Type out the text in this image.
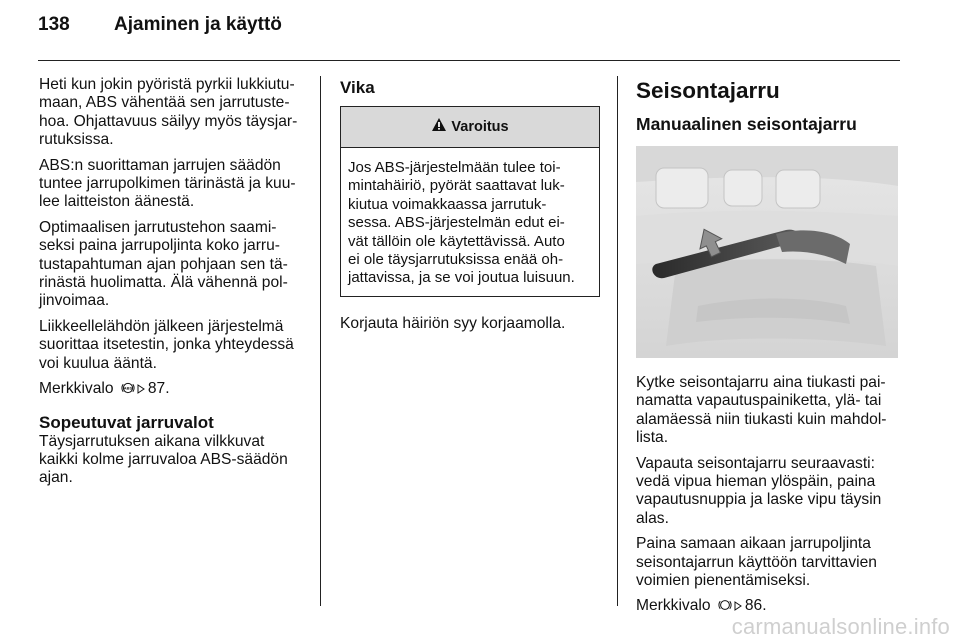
138	Ajaminen ja käyttö

Heti kun jokin pyöristä pyrkii lukkiutu-
maan, ABS vähentää sen jarrutuste-
hoa. Ohjattavuus säilyy myös täysjar-
rutuksissa.

ABS:n suorittaman jarrujen säädön
tuntee jarrupolkimen tärinästä ja kuu-
lee laitteiston äänestä.

Optimaalisen jarrutustehon saami-
seksi paina jarrupoljinta koko jarru-
tustapahtuman ajan pohjaan sen tä-
rinästä huolimatta. Älä vähennä pol-
jinvoimaa.

Liikkeellelähdön jälkeen järjestelmä
suorittaa itsetestin, jonka yhteydessä
voi kuulua ääntä.

Merkkivalo	ABS 87.

Sopeutuvat jarruvalot

Täysjarrutuksen aikana vilkkuvat
kaikki kolme jarruvaloa ABS-säädön
ajan.

Vika
Varoitus
Jos ABS-järjestelmään tulee toi-
mintahäiriö, pyörät saattavat luk-
kiutua voimakkaassa jarrutuk-
sessa. ABS-järjestelmän edut ei-
vät tällöin ole käytettävissä. Auto
ei ole täysjarrutuksissa enää oh-
jattavissa, ja se voi joutua luisuun.

Korjauta häiriön syy korjaamolla.

Seisontajarru
Manuaalinen seisontajarru

Kytke seisontajarru aina tiukasti pai-
namatta vapautuspainiketta, ylä- tai
alamäessä niin tiukasti kuin mahdol-
lista.

Vapauta seisontajarru seuraavasti:
vedä vipua hieman ylöspäin, paina
vapautusnuppia ja laske vipu täysin
alas.

Paina samaan aikaan jarrupoljinta
seisontajarrun käyttöön tarvittavien
voimien pienentämiseksi.

Merkkivalo 86.

carmanualsonline.info
